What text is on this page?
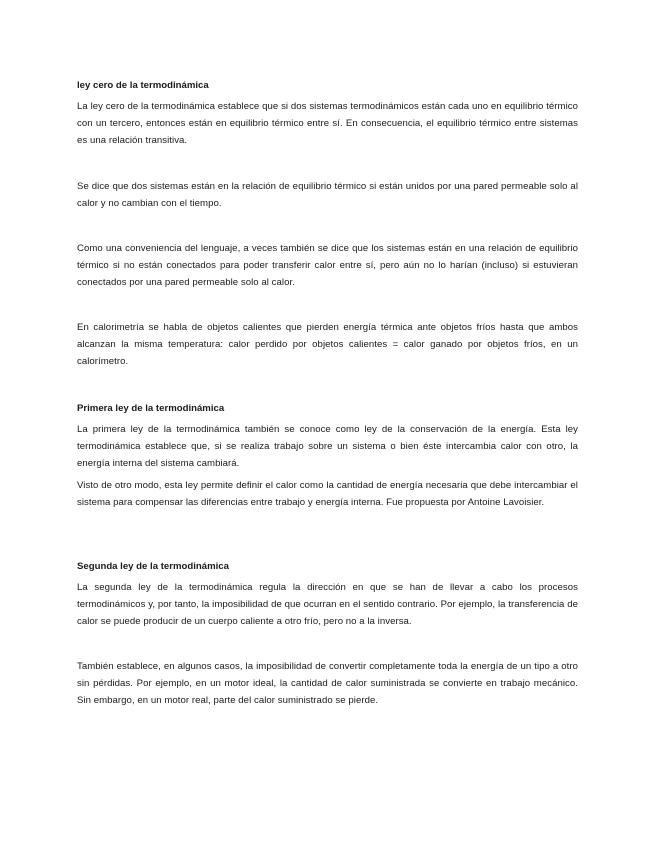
ley cero de la termodinámica
La ley cero de la termodinámica establece que si dos sistemas termodinámicos están cada uno en equilibrio térmico con un tercero, entonces están en equilibrio térmico entre sí. En consecuencia, el equilibrio térmico entre sistemas es una relación transitiva.
Se dice que dos sistemas están en la relación de equilibrio térmico si están unidos por una pared permeable solo al calor y no cambian con el tiempo.
Como una conveniencia del lenguaje, a veces también se dice que los sistemas están en una relación de equilibrio térmico si no están conectados para poder transferir calor entre sí, pero aún no lo harían (incluso) si estuvieran conectados por una pared permeable solo al calor.
En calorimetría se habla de objetos calientes que pierden energía térmica ante objetos fríos hasta que ambos alcanzan la misma temperatura: calor perdido por objetos calientes = calor ganado por objetos fríos, en un calorímetro.
Primera ley de la termodinámica
La primera ley de la termodinámica también se conoce como ley de la conservación de la energía. Esta ley termodinámica establece que, si se realiza trabajo sobre un sistema o bien éste intercambia calor con otro, la energía interna del sistema cambiará.
Visto de otro modo, esta ley permite definir el calor como la cantidad de energía necesaria que debe intercambiar el sistema para compensar las diferencias entre trabajo y energía interna. Fue propuesta por Antoine Lavoisier.
Segunda ley de la termodinámica
La segunda ley de la termodinámica regula la dirección en que se han de llevar a cabo los procesos termodinámicos y, por tanto, la imposibilidad de que ocurran en el sentido contrario. Por ejemplo, la transferencia de calor se puede producir de un cuerpo caliente a otro frío, pero no a la inversa.
También establece, en algunos casos, la imposibilidad de convertir completamente toda la energía de un tipo a otro sin pérdidas. Por ejemplo, en un motor ideal, la cantidad de calor suministrada se convierte en trabajo mecánico. Sin embargo, en un motor real, parte del calor suministrado se pierde.
